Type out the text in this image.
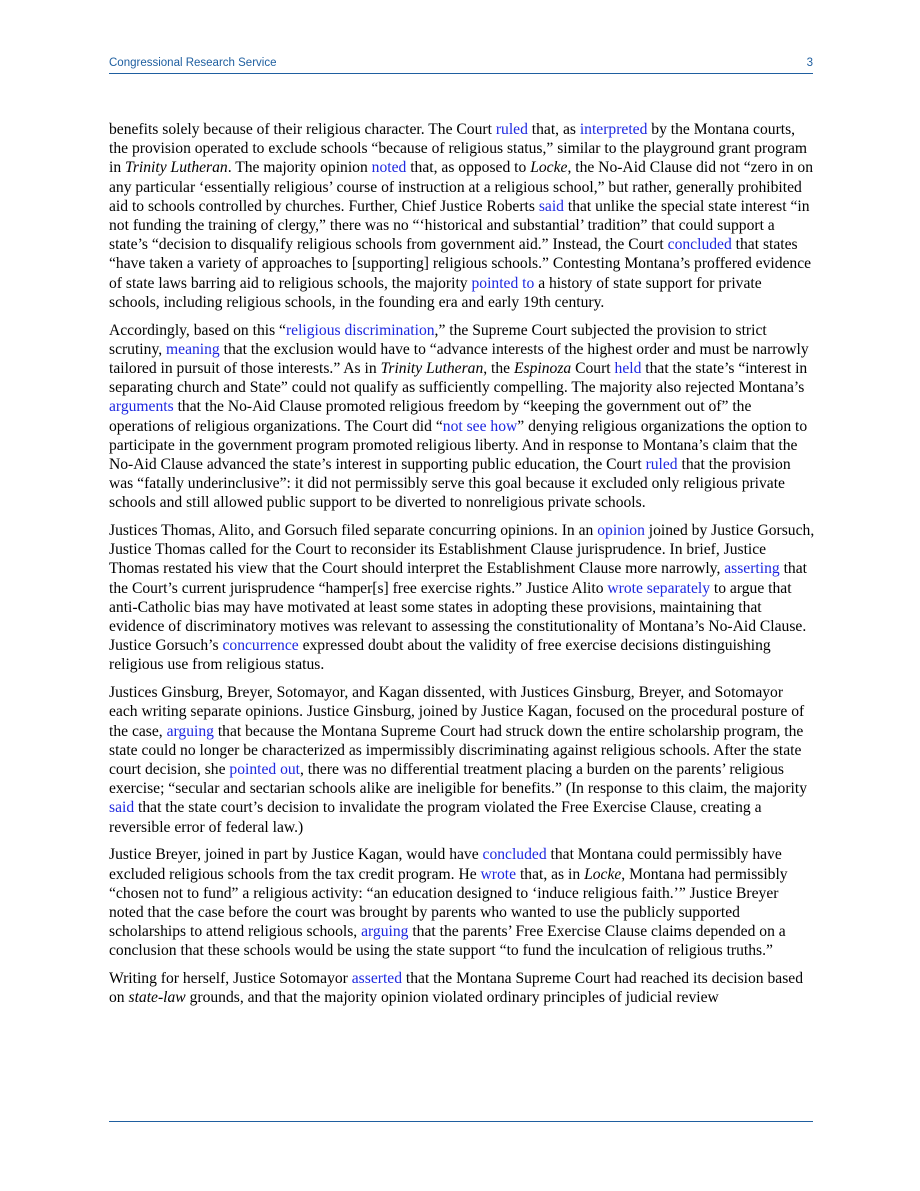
Congressional Research Service	3

benefits solely because of their religious character. The Court ruled that, as interpreted by the Montana courts, the provision operated to exclude schools “because of religious status,” similar to the playground grant program in Trinity Lutheran. The majority opinion noted that, as opposed to Locke, the No-Aid Clause did not “zero in on any particular ‘essentially religious’ course of instruction at a religious school,” but rather, generally prohibited aid to schools controlled by churches. Further, Chief Justice Roberts said that unlike the special state interest “in not funding the training of clergy,” there was no “‘historical and substantial’ tradition” that could support a state’s “decision to disqualify religious schools from government aid.” Instead, the Court concluded that states “have taken a variety of approaches to [supporting] religious schools.” Contesting Montana’s proffered evidence of state laws barring aid to religious schools, the majority pointed to a history of state support for private schools, including religious schools, in the founding era and early 19th century.

Accordingly, based on this “religious discrimination,” the Supreme Court subjected the provision to strict scrutiny, meaning that the exclusion would have to “advance interests of the highest order and must be narrowly tailored in pursuit of those interests.” As in Trinity Lutheran, the Espinoza Court held that the state’s “interest in separating church and State” could not qualify as sufficiently compelling. The majority also rejected Montana’s arguments that the No-Aid Clause promoted religious freedom by “keeping the government out of” the operations of religious organizations. The Court did “not see how” denying religious organizations the option to participate in the government program promoted religious liberty. And in response to Montana’s claim that the No-Aid Clause advanced the state’s interest in supporting public education, the Court ruled that the provision was “fatally underinclusive”: it did not permissibly serve this goal because it excluded only religious private schools and still allowed public support to be diverted to nonreligious private schools.

Justices Thomas, Alito, and Gorsuch filed separate concurring opinions. In an opinion joined by Justice Gorsuch, Justice Thomas called for the Court to reconsider its Establishment Clause jurisprudence. In brief, Justice Thomas restated his view that the Court should interpret the Establishment Clause more narrowly, asserting that the Court’s current jurisprudence “hamper[s] free exercise rights.” Justice Alito wrote separately to argue that anti-Catholic bias may have motivated at least some states in adopting these provisions, maintaining that evidence of discriminatory motives was relevant to assessing the constitutionality of Montana’s No-Aid Clause. Justice Gorsuch’s concurrence expressed doubt about the validity of free exercise decisions distinguishing religious use from religious status.

Justices Ginsburg, Breyer, Sotomayor, and Kagan dissented, with Justices Ginsburg, Breyer, and Sotomayor each writing separate opinions. Justice Ginsburg, joined by Justice Kagan, focused on the procedural posture of the case, arguing that because the Montana Supreme Court had struck down the entire scholarship program, the state could no longer be characterized as impermissibly discriminating against religious schools. After the state court decision, she pointed out, there was no differential treatment placing a burden on the parents’ religious exercise; “secular and sectarian schools alike are ineligible for benefits.” (In response to this claim, the majority said that the state court’s decision to invalidate the program violated the Free Exercise Clause, creating a reversible error of federal law.)

Justice Breyer, joined in part by Justice Kagan, would have concluded that Montana could permissibly have excluded religious schools from the tax credit program. He wrote that, as in Locke, Montana had permissibly “chosen not to fund” a religious activity: “an education designed to ‘induce religious faith.’” Justice Breyer noted that the case before the court was brought by parents who wanted to use the publicly supported scholarships to attend religious schools, arguing that the parents’ Free Exercise Clause claims depended on a conclusion that these schools would be using the state support “to fund the inculcation of religious truths.”

Writing for herself, Justice Sotomayor asserted that the Montana Supreme Court had reached its decision based on state-law grounds, and that the majority opinion violated ordinary principles of judicial review
